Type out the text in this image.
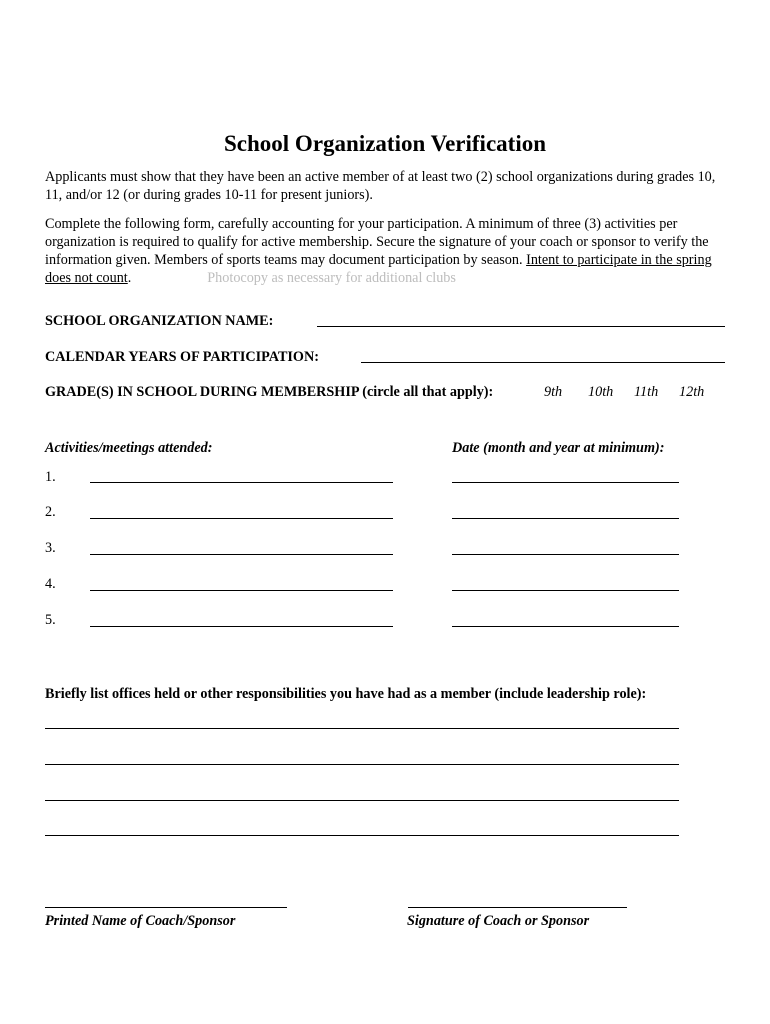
School Organization Verification
Applicants must show that they have been an active member of at least two (2) school organizations during grades 10, 11, and/or 12 (or during grades 10-11 for present juniors).
Complete the following form, carefully accounting for your participation. A minimum of three (3) activities per organization is required to qualify for active membership. Secure the signature of your coach or sponsor to verify the information given. Members of sports teams may document participation by season. Intent to participate in the spring does not count.	Photocopy as necessary for additional clubs
SCHOOL ORGANIZATION NAME:
CALENDAR YEARS OF PARTICIPATION:
GRADE(S) IN SCHOOL DURING MEMBERSHIP (circle all that apply):	9th 10th 11th 12th
Activities/meetings attended:	Date (month and year at minimum):
1.
2.
3.
4.
5.
Briefly list offices held or other responsibilities you have had as a member (include leadership role):
Printed Name of Coach/Sponsor	Signature of Coach or Sponsor
